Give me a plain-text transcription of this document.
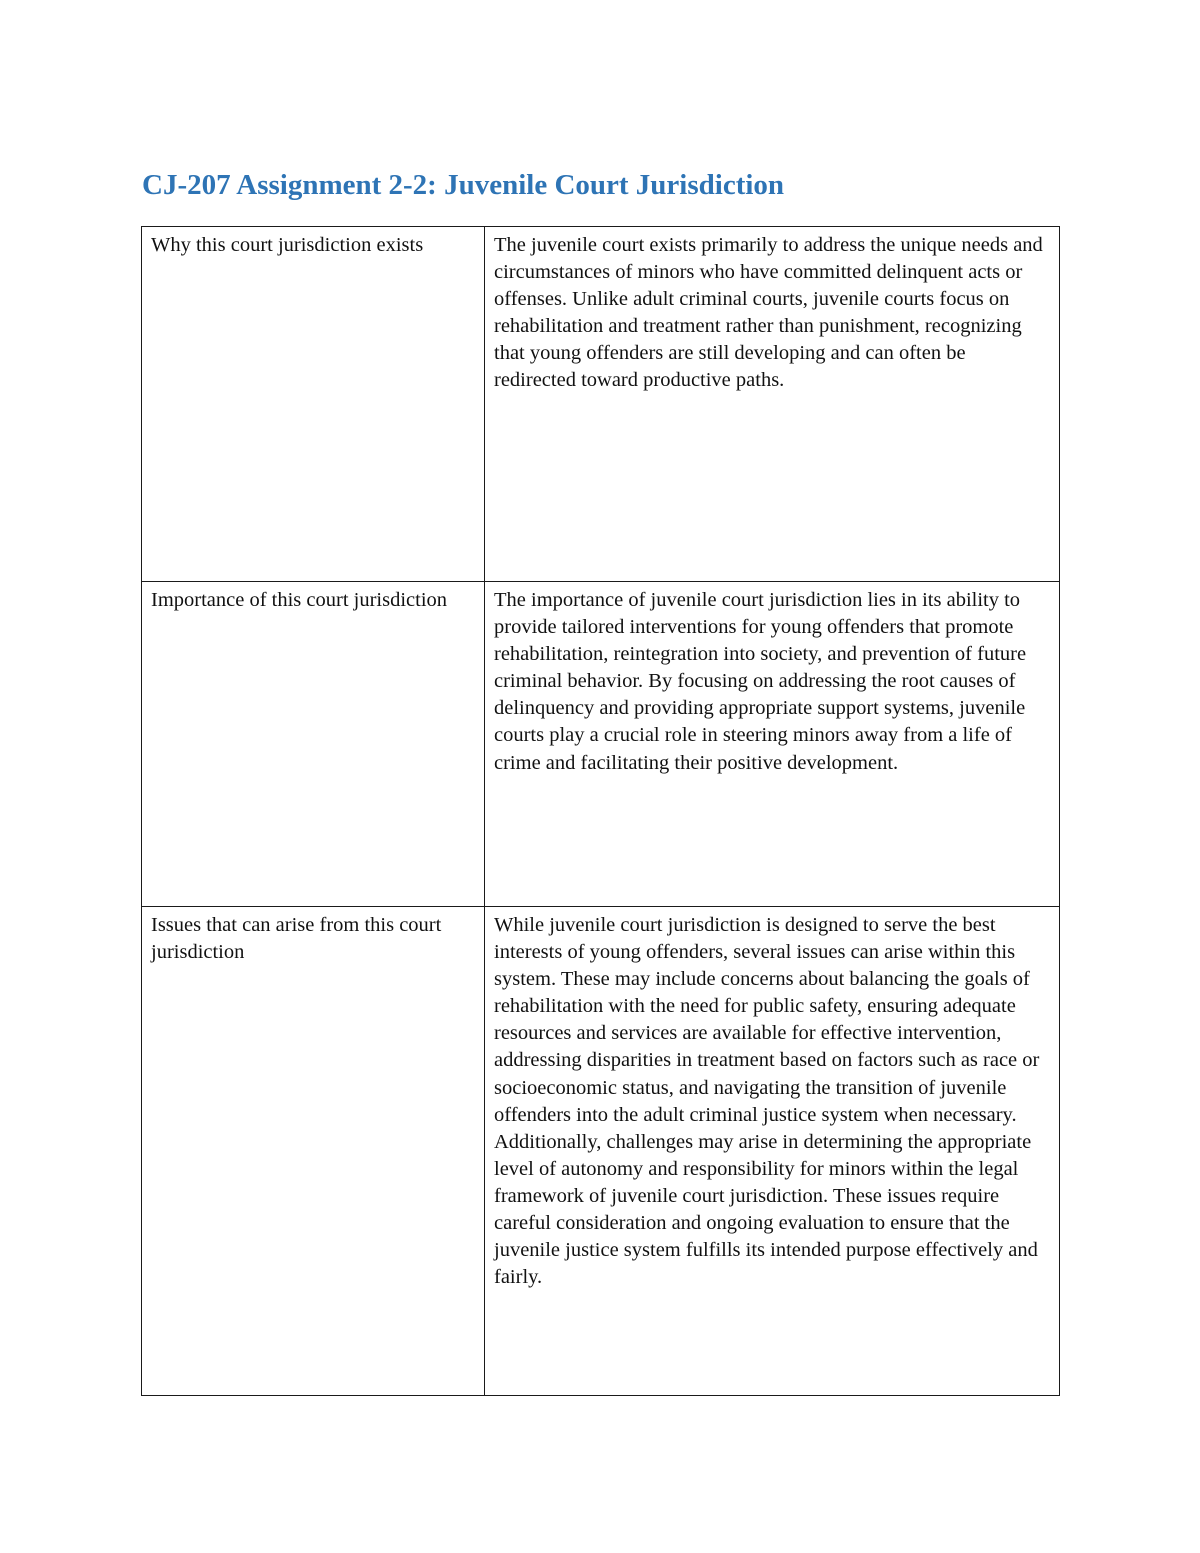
CJ-207 Assignment 2-2: Juvenile Court Jurisdiction
Why this court jurisdiction exists	The juvenile court exists primarily to address the unique needs and circumstances of minors who have committed delinquent acts or offenses. Unlike adult criminal courts, juvenile courts focus on rehabilitation and treatment rather than punishment, recognizing that young offenders are still developing and can often be redirected toward productive paths.
Importance of this court jurisdiction	The importance of juvenile court jurisdiction lies in its ability to provide tailored interventions for young offenders that promote rehabilitation, reintegration into society, and prevention of future criminal behavior. By focusing on addressing the root causes of delinquency and providing appropriate support systems, juvenile courts play a crucial role in steering minors away from a life of crime and facilitating their positive development.
Issues that can arise from this court jurisdiction	While juvenile court jurisdiction is designed to serve the best interests of young offenders, several issues can arise within this system. These may include concerns about balancing the goals of rehabilitation with the need for public safety, ensuring adequate resources and services are available for effective intervention, addressing disparities in treatment based on factors such as race or socioeconomic status, and navigating the transition of juvenile offenders into the adult criminal justice system when necessary. Additionally, challenges may arise in determining the appropriate level of autonomy and responsibility for minors within the legal framework of juvenile court jurisdiction. These issues require careful consideration and ongoing evaluation to ensure that the juvenile justice system fulfills its intended purpose effectively and fairly.
